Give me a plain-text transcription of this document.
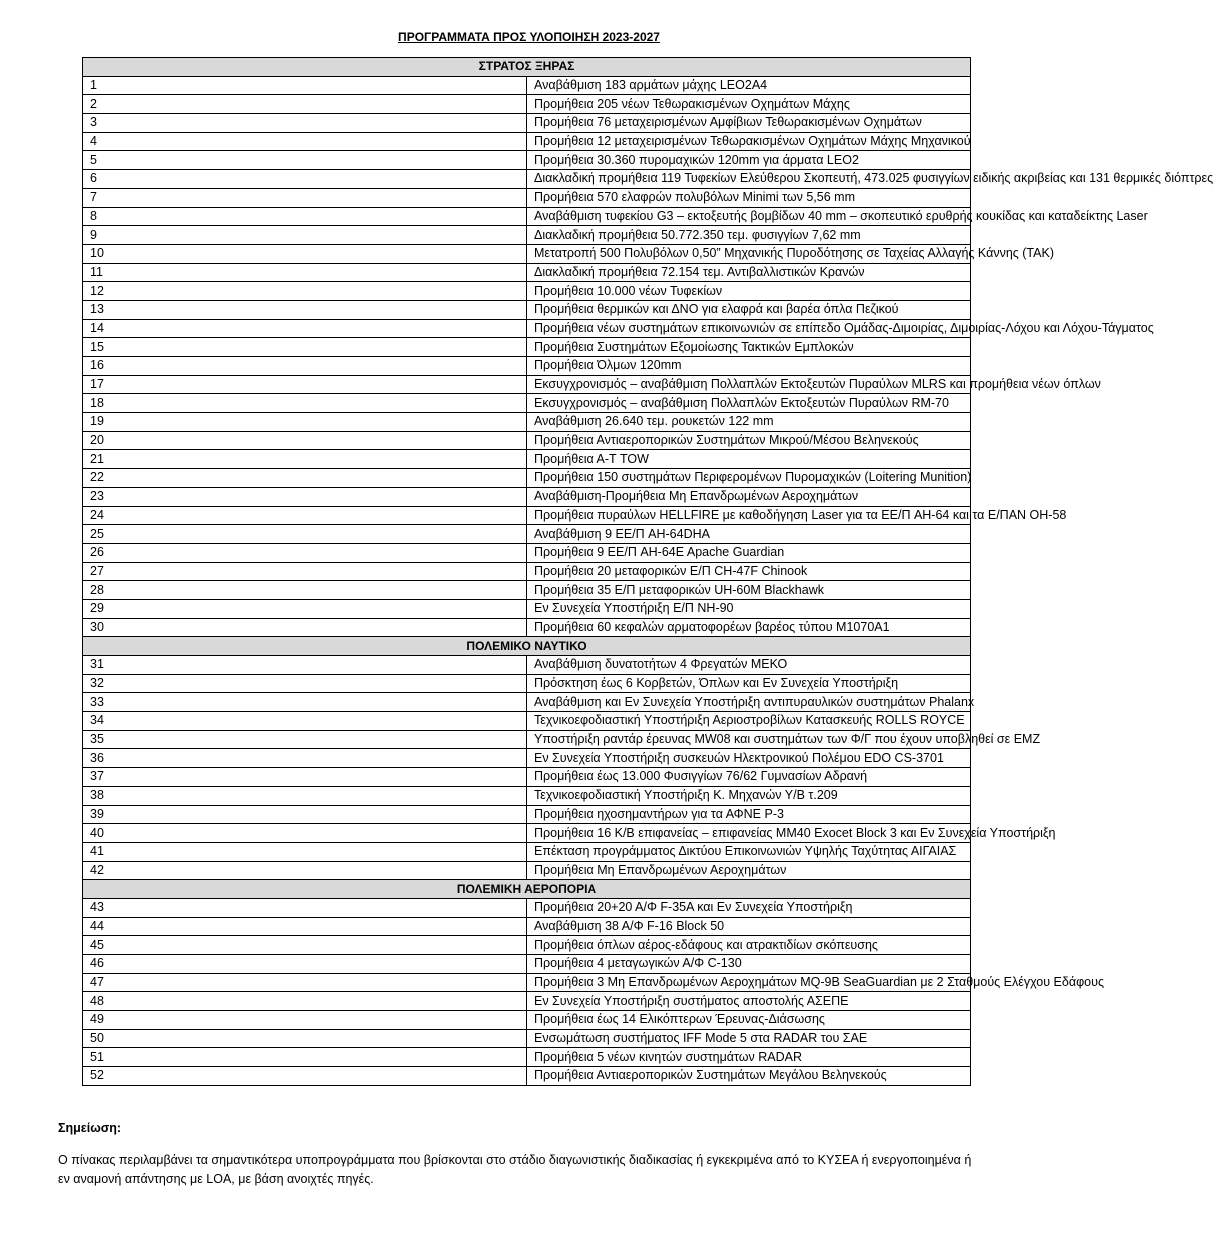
ΠΡΟΓΡΑΜΜΑΤΑ ΠΡΟΣ ΥΛΟΠΟΙΗΣΗ 2023-2027
ΣΤΡΑΤΟΣ ΞΗΡΑΣ	
1	Αναβάθμιση 183 αρμάτων μάχης LEO2A4
2	Προμήθεια 205 νέων Τεθωρακισμένων Οχημάτων Μάχης
3	Προμήθεια 76 μεταχειρισμένων Αμφίβιων Τεθωρακισμένων Οχημάτων
4	Προμήθεια 12 μεταχειρισμένων Τεθωρακισμένων Οχημάτων Μάχης Μηχανικού
5	Προμήθεια 30.360 πυρομαχικών 120mm για άρματα LEO2
6	Διακλαδική προμήθεια 119 Τυφεκίων Ελεύθερου Σκοπευτή, 473.025 φυσιγγίων ειδικής ακριβείας και 131 θερμικές διόπτρες
7	Προμήθεια 570 ελαφρών πολυβόλων Minimi των 5,56 mm
8	Αναβάθμιση τυφεκίου G3 – εκτοξευτής βομβίδων 40 mm – σκοπευτικό ερυθρής κουκίδας και καταδείκτης Laser
9	Διακλαδική προμήθεια 50.772.350 τεμ. φυσιγγίων 7,62 mm
10	Μετατροπή 500 Πολυβόλων 0,50” Μηχανικής Πυροδότησης σε Ταχείας Αλλαγής Κάννης (ΤΑΚ)
11	Διακλαδική προμήθεια 72.154 τεμ. Αντιβαλλιστικών Κρανών
12	Προμήθεια 10.000 νέων Τυφεκίων
13	Προμήθεια θερμικών και ΔΝΟ για ελαφρά και βαρέα όπλα Πεζικού
14	Προμήθεια νέων συστημάτων επικοινωνιών σε επίπεδο Ομάδας-Διμοιρίας, Διμοιρίας-Λόχου και Λόχου-Τάγματος
15	Προμήθεια Συστημάτων Εξομοίωσης Τακτικών Εμπλοκών
16	Προμήθεια Όλμων 120mm
17	Εκσυγχρονισμός – αναβάθμιση Πολλαπλών Εκτοξευτών Πυραύλων MLRS και προμήθεια νέων όπλων
18	Εκσυγχρονισμός – αναβάθμιση Πολλαπλών Εκτοξευτών Πυραύλων RM-70
19	Αναβάθμιση 26.640 τεμ. ρουκετών 122 mm
20	Προμήθεια Αντιαεροπορικών Συστημάτων Μικρού/Μέσου Βεληνεκούς
21	Προμήθεια Α-Τ TOW
22	Προμήθεια 150 συστημάτων Περιφερομένων Πυρομαχικών (Loitering Munition)
23	Αναβάθμιση-Προμήθεια Μη Επανδρωμένων Αεροχημάτων
24	Προμήθεια πυραύλων HELLFIRE με καθοδήγηση Laser για τα ΕΕ/Π AH-64 και τα Ε/ΠΑΝ OH-58
25	Αναβάθμιση 9 ΕΕ/Π AH-64DHA
26	Προμήθεια 9 ΕΕ/Π AH-64E Apache Guardian
27	Προμήθεια 20 μεταφορικών Ε/Π CH-47F Chinook
28	Προμήθεια 35 Ε/Π μεταφορικών UH-60M Blackhawk
29	Εν Συνεχεία Υποστήριξη Ε/Π NH-90
30	Προμήθεια 60 κεφαλών αρματοφορέων βαρέος τύπου M1070A1
ΠΟΛΕΜΙΚΟ ΝΑΥΤΙΚΟ	
31	Αναβάθμιση δυνατοτήτων 4 Φρεγατών ΜΕΚΟ
32	Πρόσκτηση έως 6 Κορβετών, Όπλων και Εν Συνεχεία Υποστήριξη
33	Αναβάθμιση και Εν Συνεχεία Υποστήριξη αντιπυραυλικών συστημάτων Phalanx
34	Τεχνικοεφοδιαστική Υποστήριξη Αεριοστροβίλων Κατασκευής ROLLS ROYCE
35	Υποστήριξη ραντάρ έρευνας MW08 και συστημάτων των Φ/Γ που έχουν υποβληθεί σε ΕΜΖ
36	Εν Συνεχεία Υποστήριξη συσκευών Ηλεκτρονικού Πολέμου EDO CS-3701
37	Προμήθεια έως 13.000 Φυσιγγίων 76/62 Γυμνασίων Αδρανή
38	Τεχνικοεφοδιαστική Υποστήριξη Κ. Μηχανών Υ/Β τ.209
39	Προμήθεια ηχοσημαντήρων για τα ΑΦΝΕ P-3
40	Προμήθεια 16 Κ/Β επιφανείας – επιφανείας MM40 Exocet Block 3 και Εν Συνεχεία Υποστήριξη
41	Επέκταση προγράμματος Δικτύου Επικοινωνιών Υψηλής Ταχύτητας ΑΙΓΑΙΑΣ
42	Προμήθεια Μη Επανδρωμένων Αεροχημάτων
ΠΟΛΕΜΙΚΗ ΑΕΡΟΠΟΡΙΑ	
43	Προμήθεια 20+20 Α/Φ F-35A και Εν Συνεχεία Υποστήριξη
44	Αναβάθμιση 38 Α/Φ F-16 Block 50
45	Προμήθεια όπλων αέρος-εδάφους και ατρακτιδίων σκόπευσης
46	Προμήθεια 4 μεταγωγικών Α/Φ C-130
47	Προμήθεια 3 Μη Επανδρωμένων Αεροχημάτων MQ-9B SeaGuardian με 2 Σταθμούς Ελέγχου Εδάφους
48	Εν Συνεχεία Υποστήριξη συστήματος αποστολής ΑΣΕΠΕ
49	Προμήθεια έως 14 Ελικόπτερων Έρευνας-Διάσωσης
50	Ενσωμάτωση συστήματος IFF Mode 5 στα RADAR του ΣΑΕ
51	Προμήθεια 5 νέων κινητών συστημάτων RADAR
52	Προμήθεια Αντιαεροπορικών Συστημάτων Μεγάλου Βεληνεκούς
Σημείωση:
Ο πίνακας περιλαμβάνει τα σημαντικότερα υποπρογράμματα που βρίσκονται στο στάδιο διαγωνιστικής διαδικασίας ή εγκεκριμένα από το ΚΥΣΕΑ ή ενεργοποιημένα ή εν αναμονή απάντησης με LOA, με βάση ανοιχτές πηγές.
